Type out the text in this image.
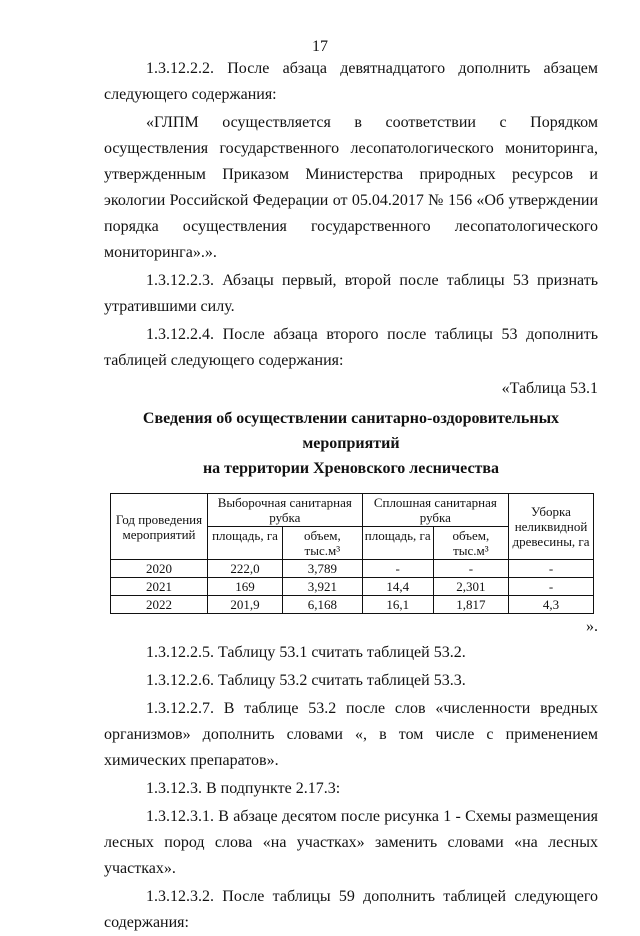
17

1.3.12.2.2. После абзаца девятнадцатого дополнить абзацем следующего содержания:

«ГЛПМ осуществляется в соответствии с Порядком осуществления государственного лесопатологического мониторинга, утвержденным Приказом Министерства природных ресурсов и экологии Российской Федерации от 05.04.2017 № 156 «Об утверждении порядка осуществления государственного лесопатологического мониторинга».».

1.3.12.2.3. Абзацы первый, второй после таблицы 53 признать утратившими силу.

1.3.12.2.4. После абзаца второго после таблицы 53 дополнить таблицей следующего содержания:

«Таблица 53.1

Сведения об осуществлении санитарно-оздоровительных мероприятий
на территории Хреновского лесничества
Год проведения мероприятий	Выборочная санитарная рубка		Сплошная санитарная рубка		Уборка неликвидной древесины, га
	площадь, га	объем, тыс.м³	площадь, га	объем, тыс.м³	
2020	222,0	3,789	-	-	-
2021	169	3,921	14,4	2,301	-
2022	201,9	6,168	16,1	1,817	4,3
».

1.3.12.2.5. Таблицу 53.1 считать таблицей 53.2.

1.3.12.2.6. Таблицу 53.2 считать таблицей 53.3.

1.3.12.2.7. В таблице 53.2 после слов «численности вредных организмов» дополнить словами «, в том числе с применением химических препаратов».

1.3.12.3. В подпункте 2.17.3:

1.3.12.3.1. В абзаце десятом после рисунка 1 - Схемы размещения лесных пород слова «на участках» заменить словами «на лесных участках».

1.3.12.3.2. После таблицы 59 дополнить таблицей следующего содержания:
